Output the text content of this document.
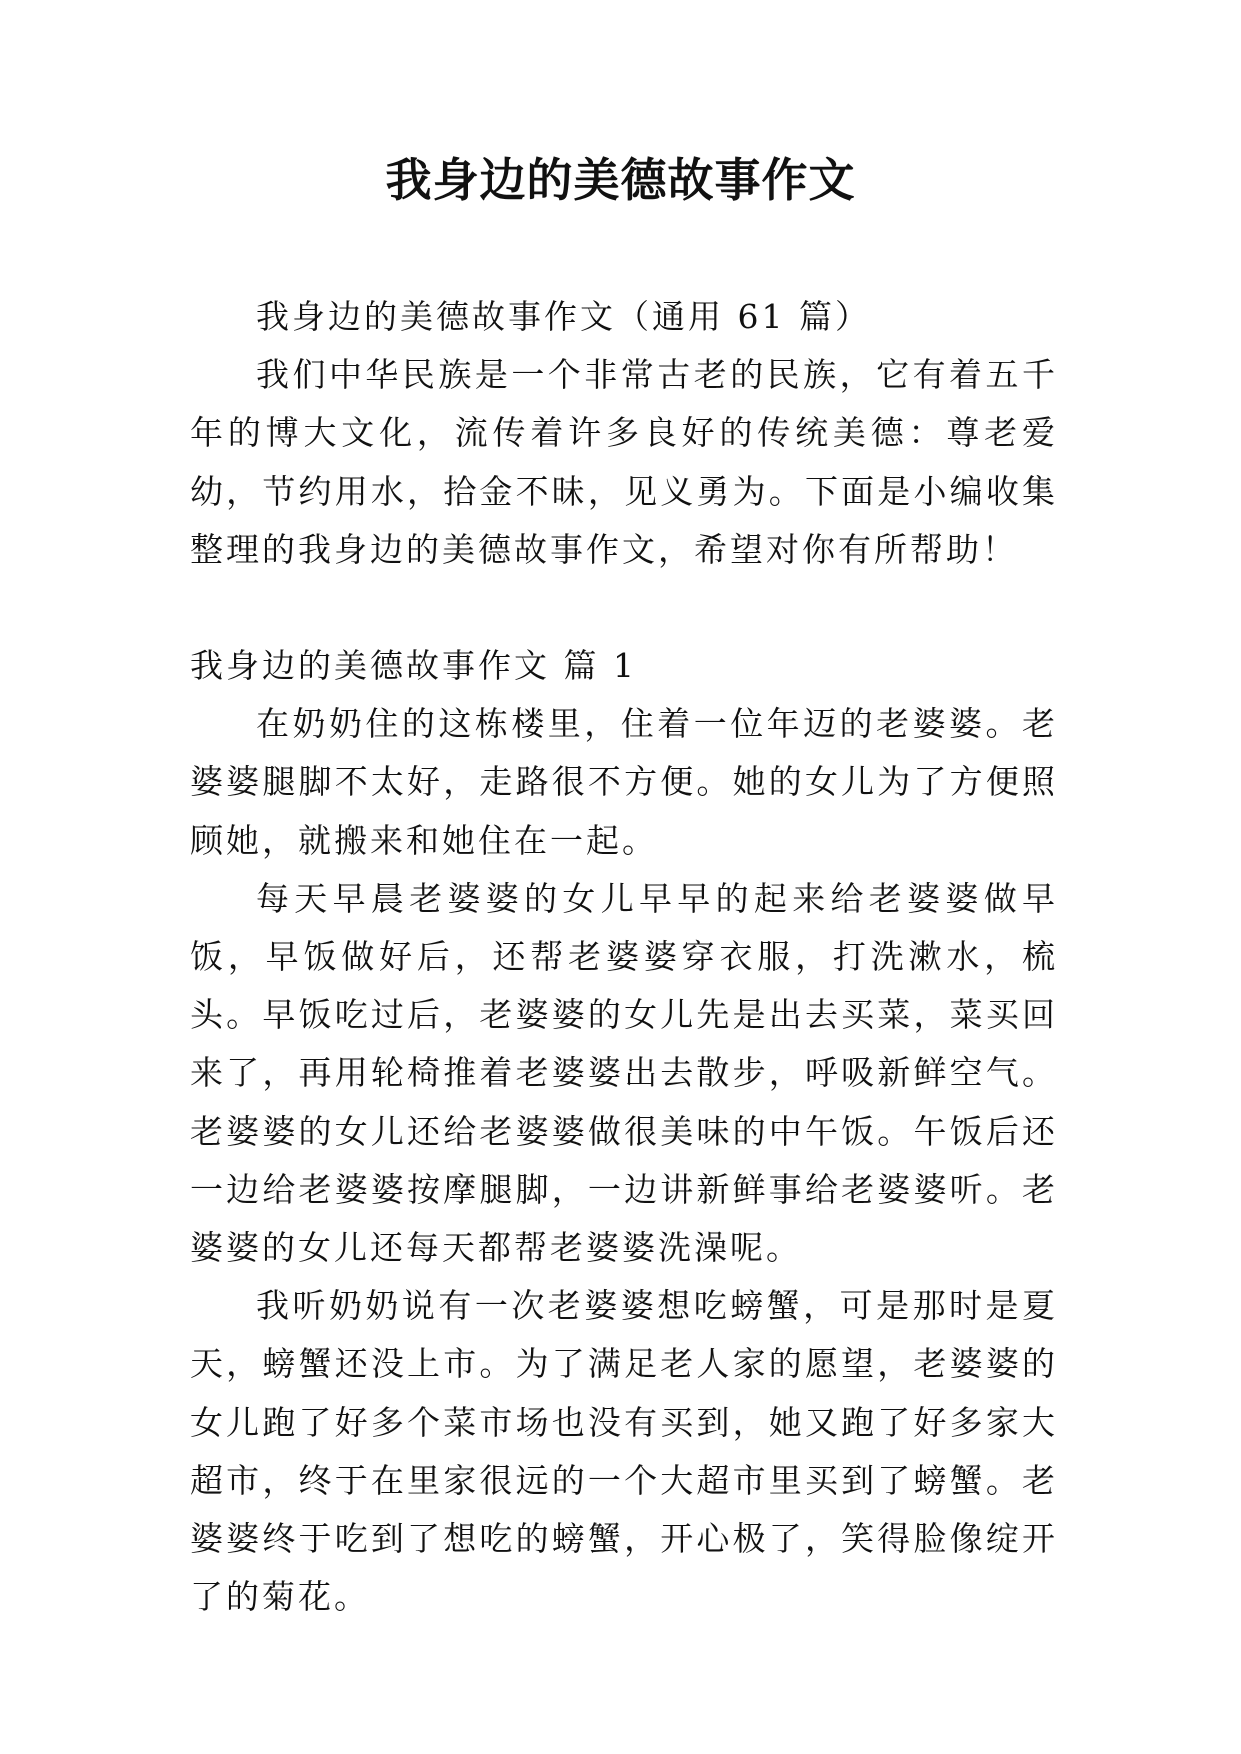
我身边的美德故事作文

我身边的美德故事作文（通用 61 篇）

我们中华民族是一个非常古老的民族，它有着五千年的博大文化，流传着许多良好的传统美德：尊老爱幼，节约用水，拾金不昧，见义勇为。下面是小编收集整理的我身边的美德故事作文，希望对你有所帮助！

我身边的美德故事作文 篇 1

在奶奶住的这栋楼里，住着一位年迈的老婆婆。老婆婆腿脚不太好，走路很不方便。她的女儿为了方便照顾她，就搬来和她住在一起。

每天早晨老婆婆的女儿早早的起来给老婆婆做早饭，早饭做好后，还帮老婆婆穿衣服，打洗漱水，梳头。早饭吃过后，老婆婆的女儿先是出去买菜，菜买回来了，再用轮椅推着老婆婆出去散步，呼吸新鲜空气。老婆婆的女儿还给老婆婆做很美味的中午饭。午饭后还一边给老婆婆按摩腿脚，一边讲新鲜事给老婆婆听。老婆婆的女儿还每天都帮老婆婆洗澡呢。

我听奶奶说有一次老婆婆想吃螃蟹，可是那时是夏天，螃蟹还没上市。为了满足老人家的愿望，老婆婆的女儿跑了好多个菜市场也没有买到，她又跑了好多家大超市，终于在里家很远的一个大超市里买到了螃蟹。老婆婆终于吃到了想吃的螃蟹，开心极了，笑得脸像绽开了的菊花。
